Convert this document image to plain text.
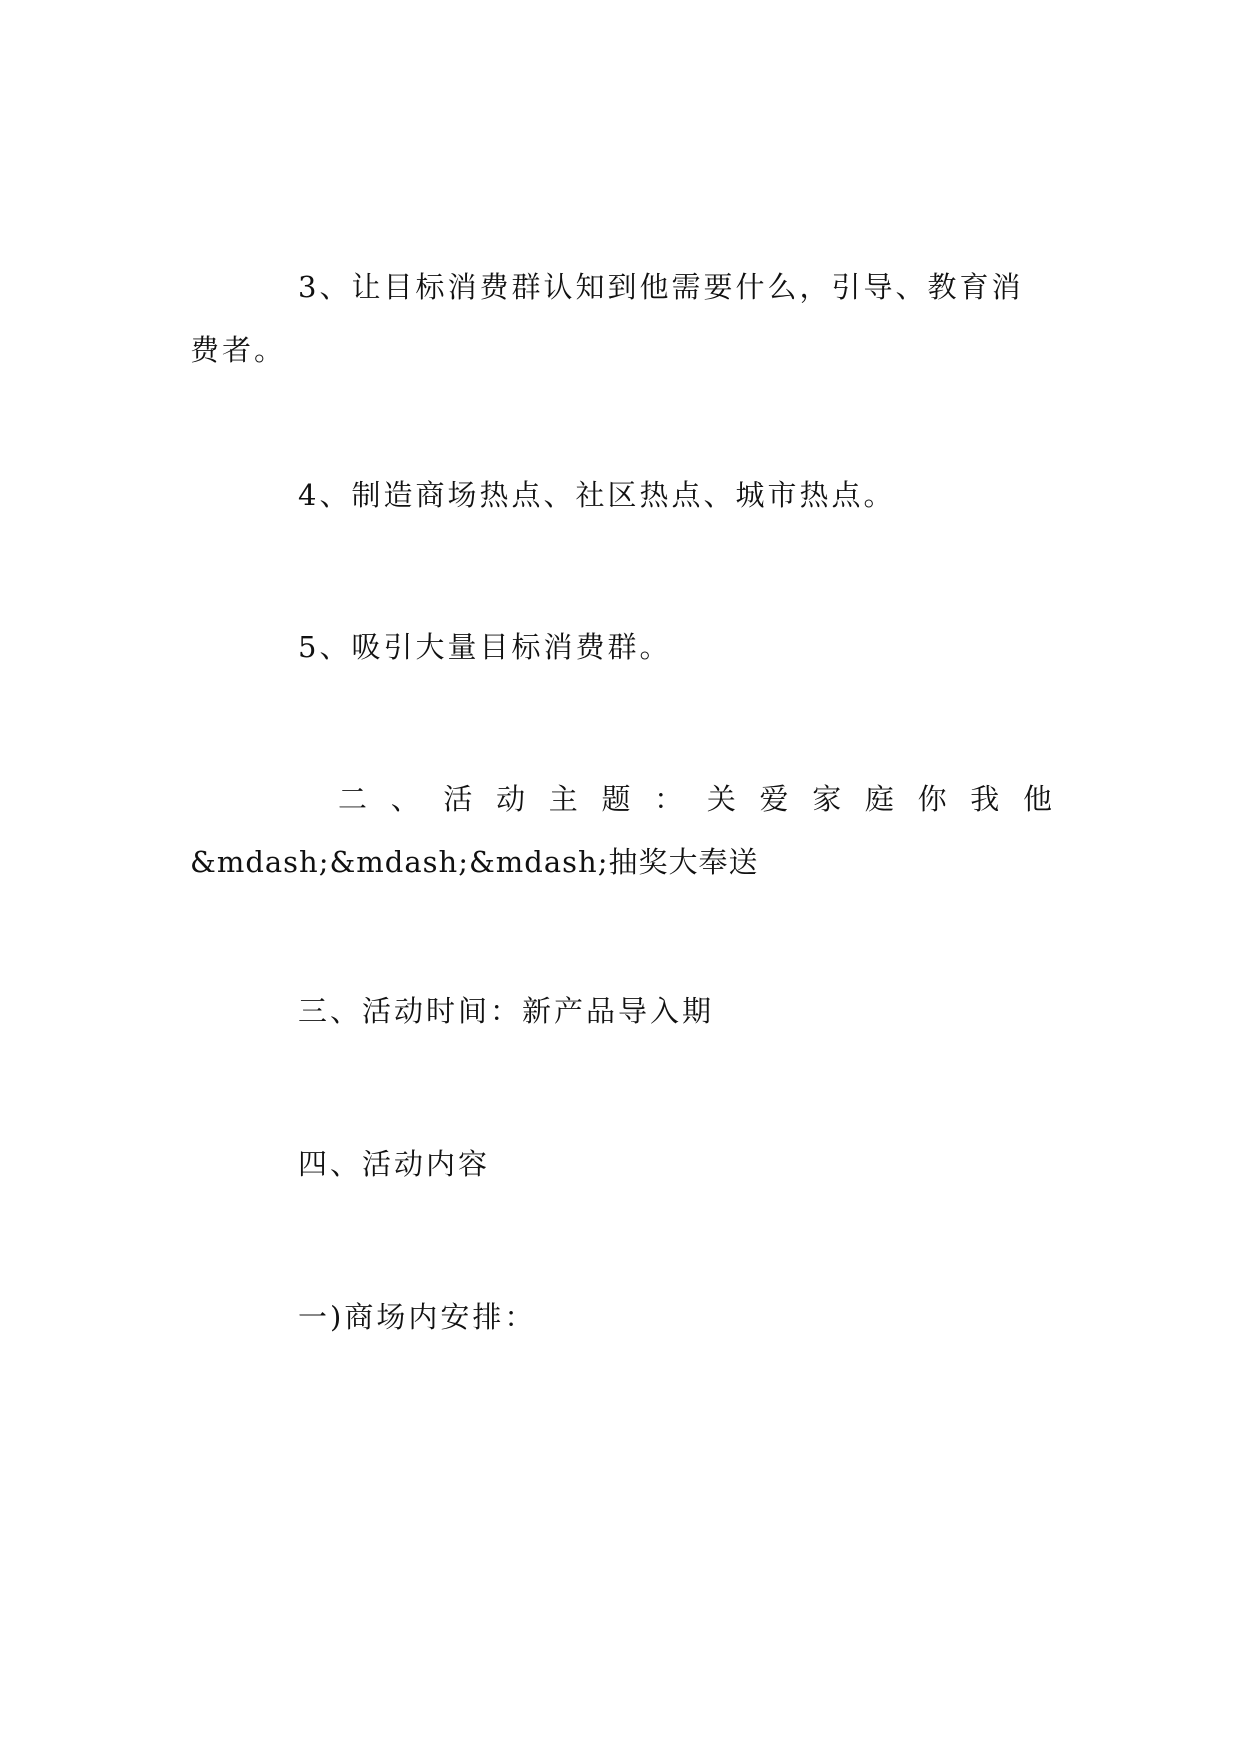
3、让目标消费群认知到他需要什么，引导、教育消
费者。

4、制造商场热点、社区热点、城市热点。

5、吸引大量目标消费群。

二、活动主题：关爱家庭你我他
&mdash;&mdash;&mdash;抽奖大奉送

三、活动时间：新产品导入期

四、活动内容

一)商场内安排：
